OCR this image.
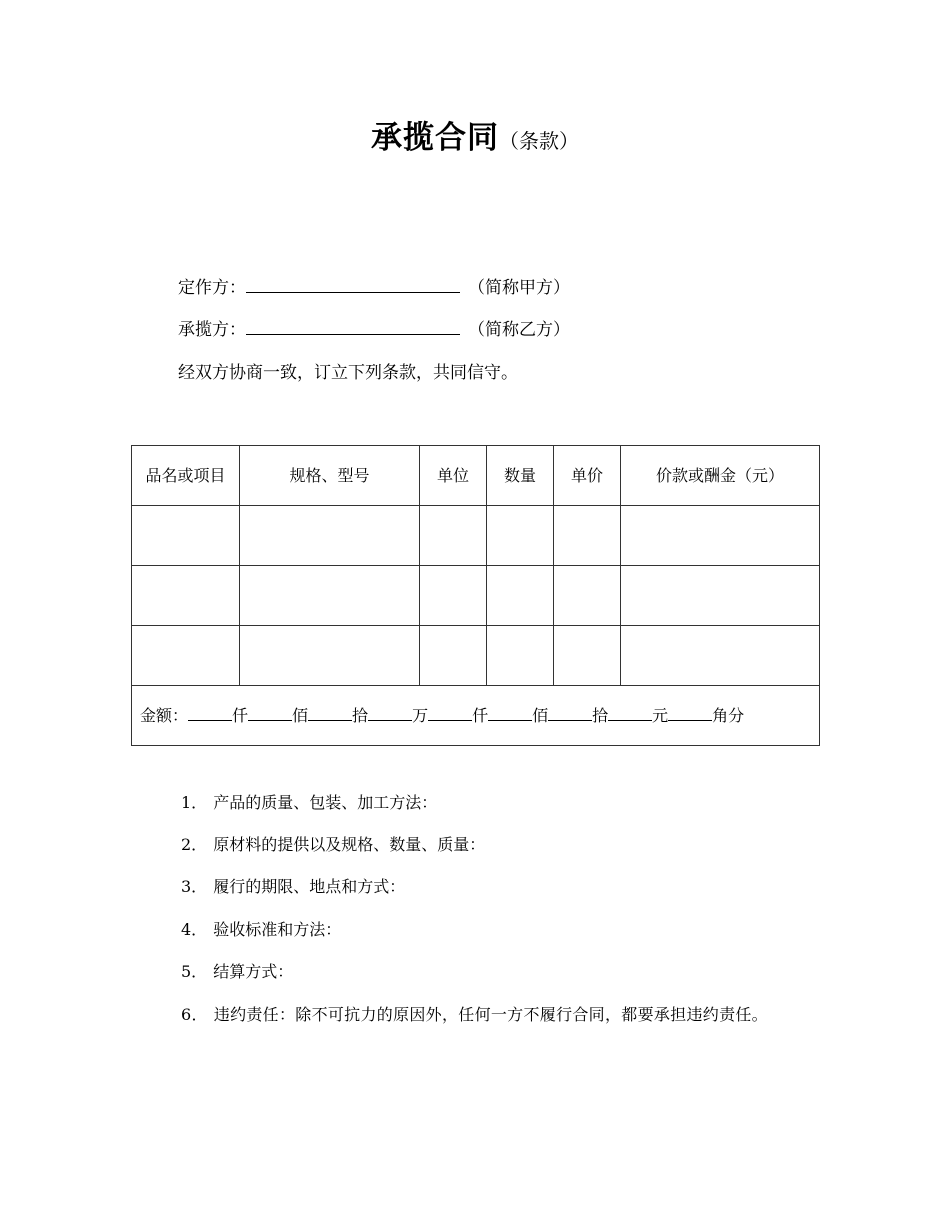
承揽合同（条款）
定作方：	（简称甲方）
承揽方：	（简称乙方）
经双方协商一致，订立下列条款，共同信守。
品名或项目	规格、型号	单位	数量	单价	价款或酬金（元）

金额： 仟 佰 拾 万 仟 佰 拾 元 角分					
1． 产品的质量、包装、加工方法：
2． 原材料的提供以及规格、数量、质量：
3． 履行的期限、地点和方式：
4． 验收标准和方法：
5． 结算方式：
6． 违约责任：除不可抗力的原因外，任何一方不履行合同，都要承担违约责任。
